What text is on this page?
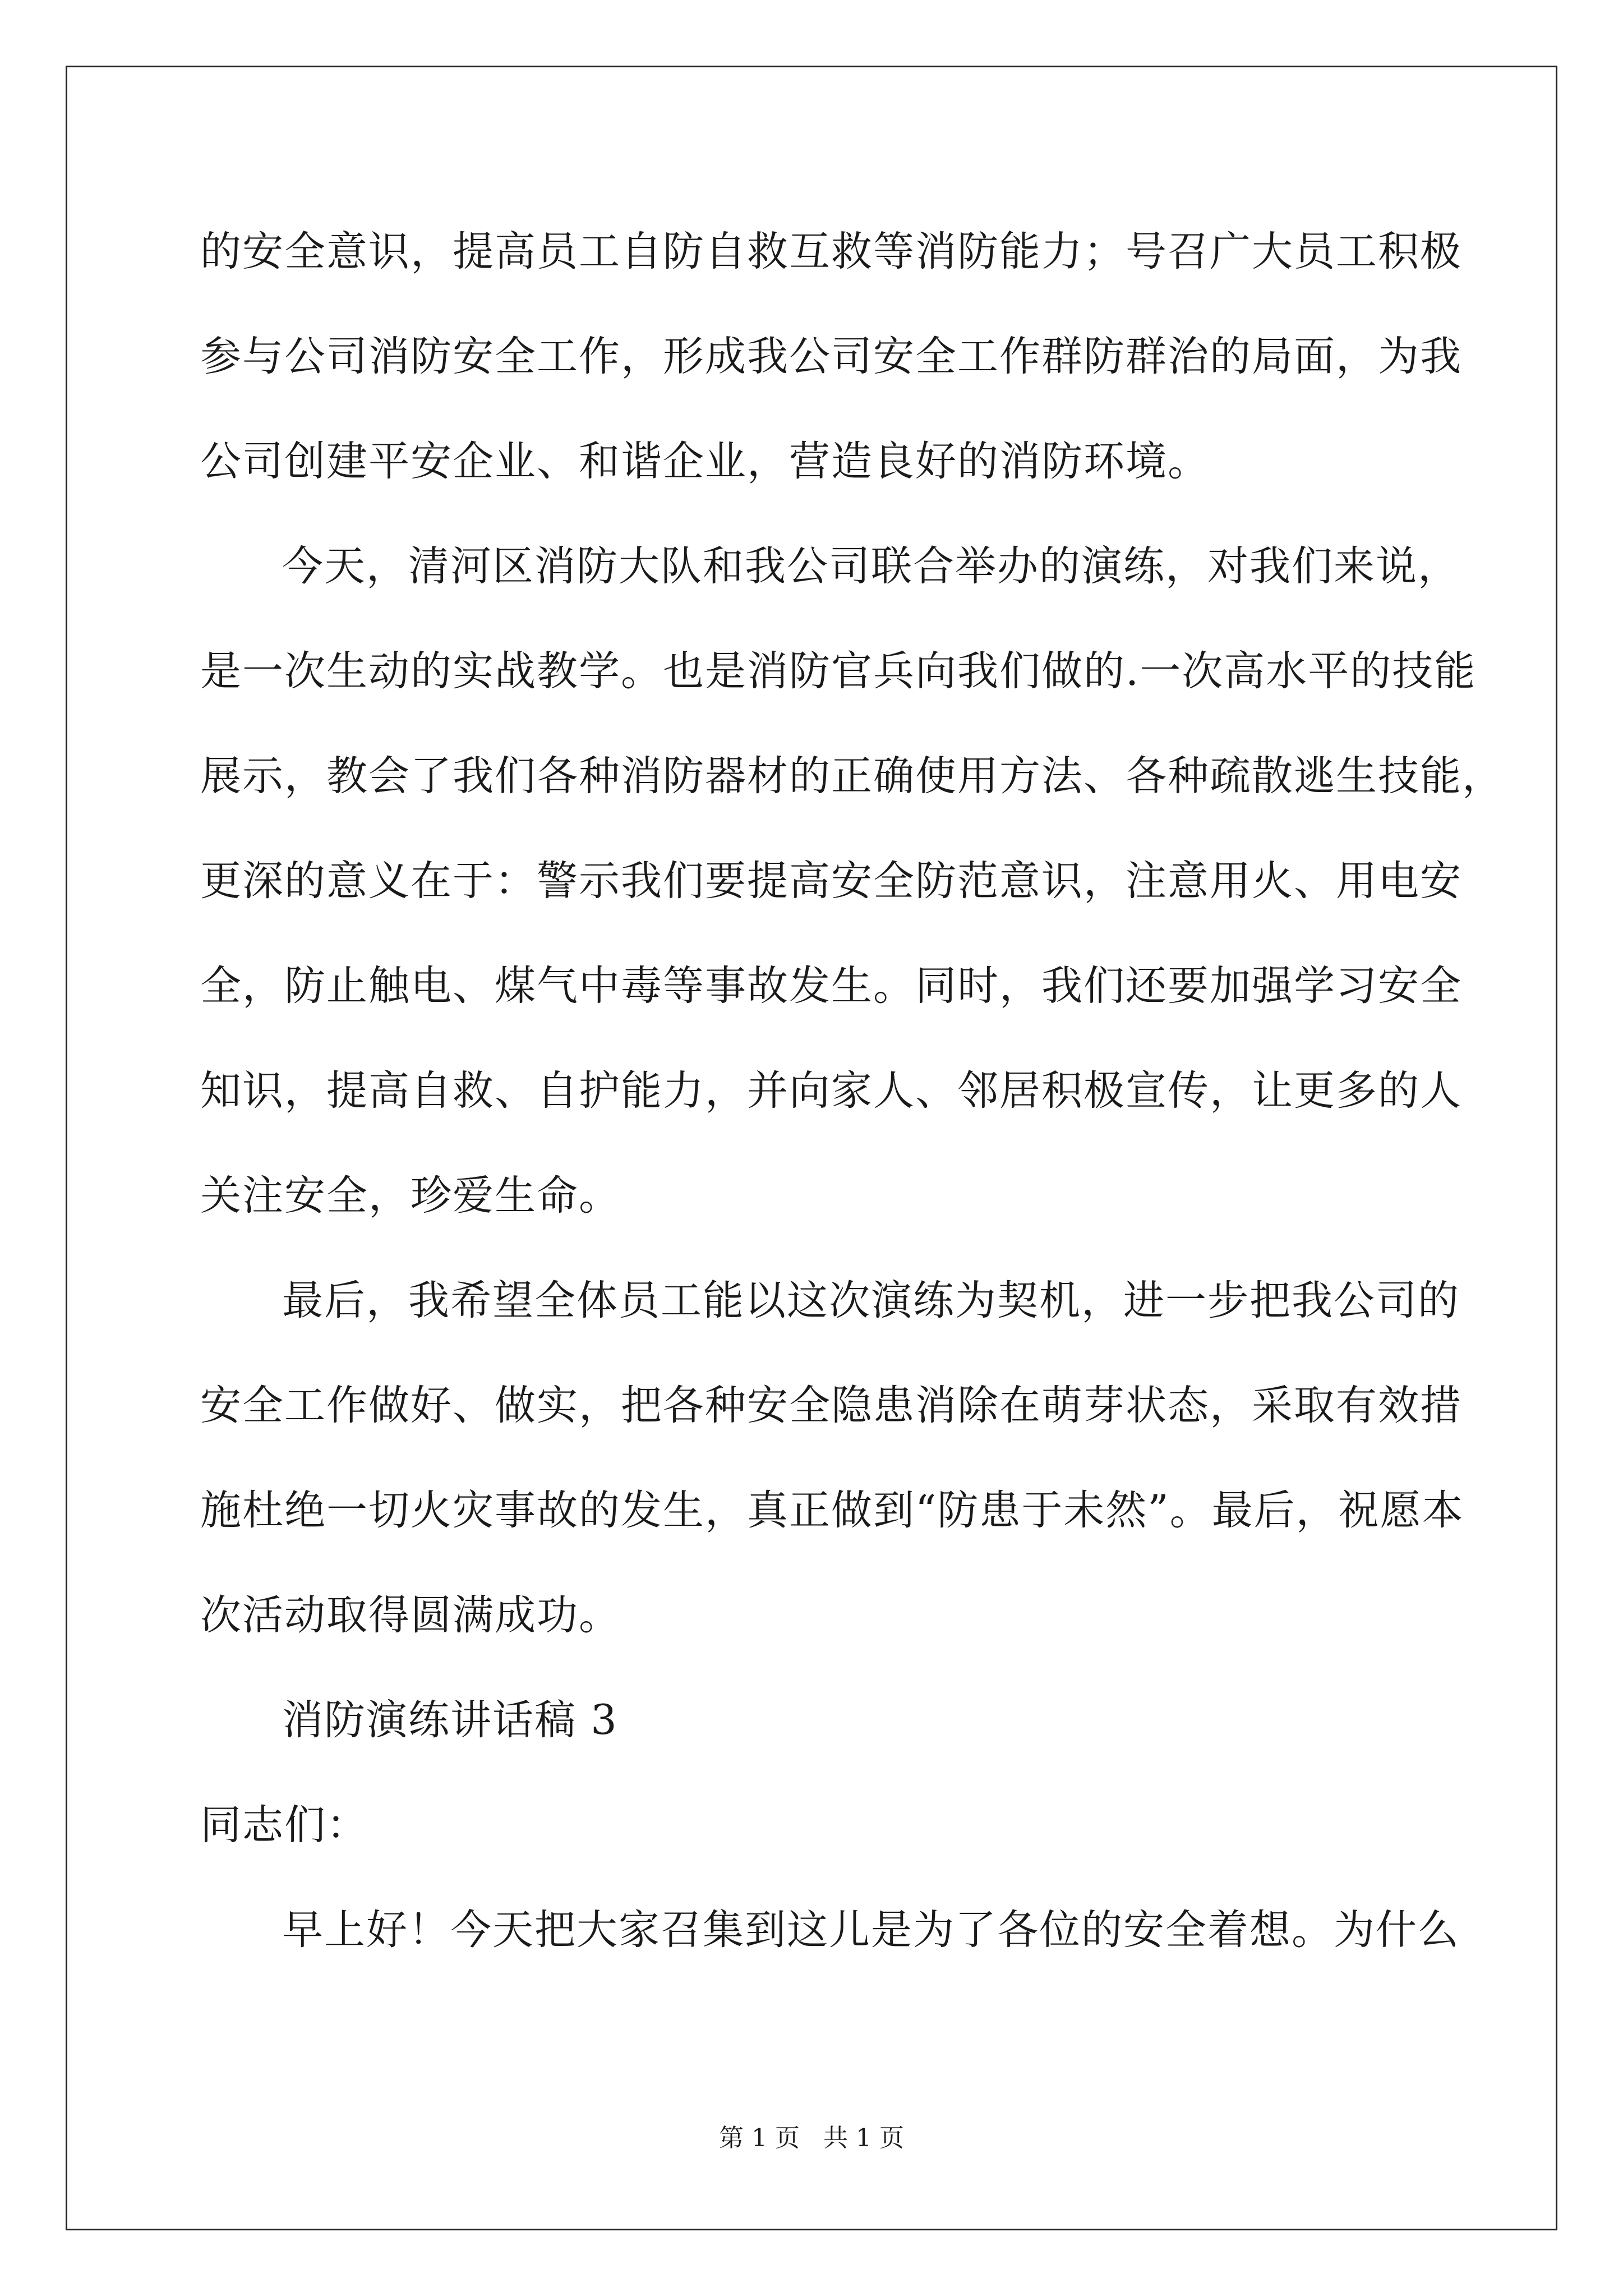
的安全意识，提高员工自防自救互救等消防能力；号召广大员工积极
参与公司消防安全工作，形成我公司安全工作群防群治的局面，为我
公司创建平安企业、和谐企业，营造良好的消防环境。
今天，清河区消防大队和我公司联合举办的演练，对我们来说，
是一次生动的实战教学。也是消防官兵向我们做的.一次高水平的技能
展示，教会了我们各种消防器材的正确使用方法、各种疏散逃生技能，
更深的意义在于：警示我们要提高安全防范意识，注意用火、用电安
全，防止触电、煤气中毒等事故发生。同时，我们还要加强学习安全
知识，提高自救、自护能力，并向家人、邻居积极宣传，让更多的人
关注安全，珍爱生命。
最后，我希望全体员工能以这次演练为契机，进一步把我公司的
安全工作做好、做实，把各种安全隐患消除在萌芽状态，采取有效措
施杜绝一切火灾事故的发生，真正做到“防患于未然”。最后，祝愿本
次活动取得圆满成功。
消防演练讲话稿 3
同志们：
早上好！今天把大家召集到这儿是为了各位的安全着想。为什么
第 1 页   共 1 页
